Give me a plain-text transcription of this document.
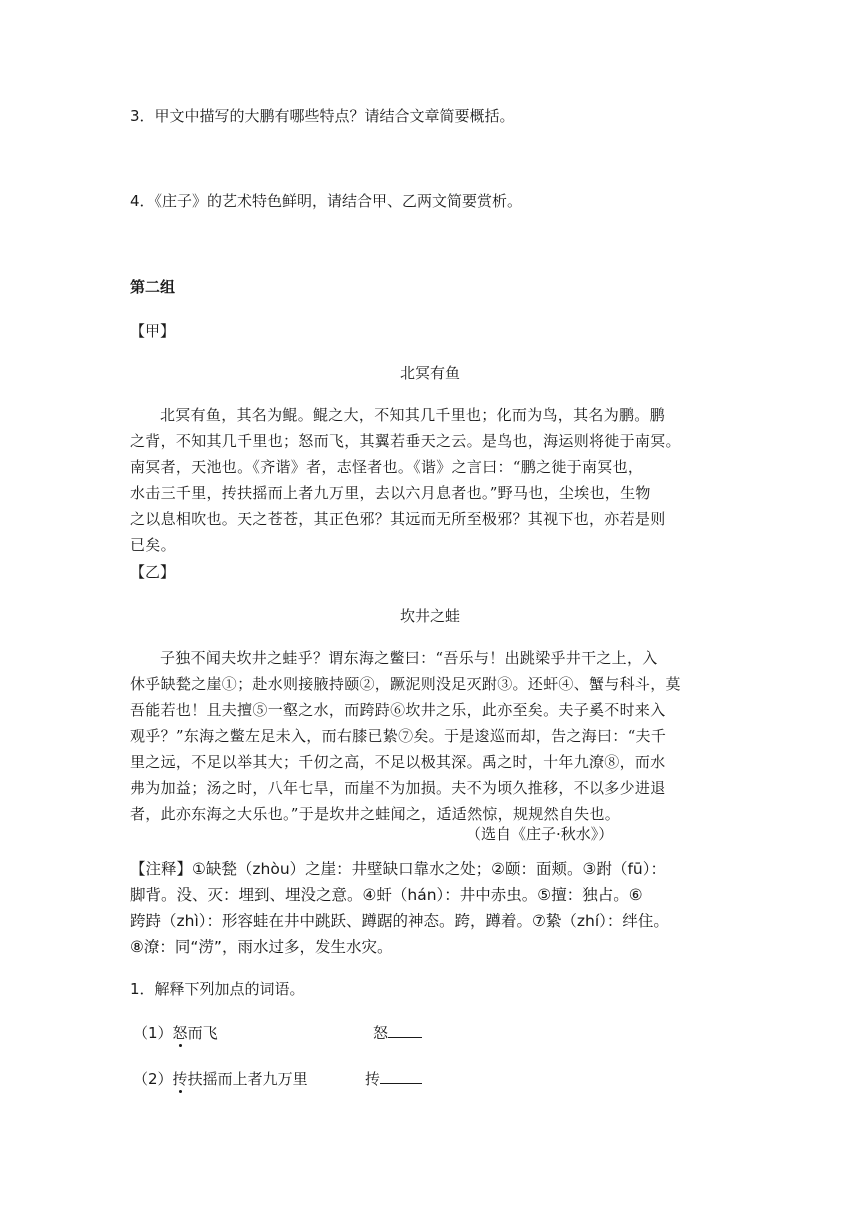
3．甲文中描写的大鹏有哪些特点？请结合文章简要概括。
4．《庄子》的艺术特色鲜明，请结合甲、乙两文简要赏析。
第二组
【甲】
北冥有鱼
北冥有鱼，其名为鲲。鲲之大，不知其几千里也；化而为鸟，其名为鹏。鹏
之背，不知其几千里也；怒而飞，其翼若垂天之云。是鸟也，海运则将徙于南冥。
南冥者，天池也。《齐谐》者，志怪者也。《谐》之言曰：“鹏之徙于南冥也，
水击三千里，抟扶摇而上者九万里，去以六月息者也。”野马也，尘埃也，生物
之以息相吹也。天之苍苍，其正色邪？其远而无所至极邪？其视下也，亦若是则
已矣。
【乙】
坎井之蛙
子独不闻夫坎井之蛙乎？谓东海之鳖曰：“吾乐与！出跳梁乎井干之上，入
休乎缺甃之崖①；赴水则接腋持颐②，蹶泥则没足灭跗③。还虷④、蟹与科斗，莫
吾能若也！且夫擅⑤一壑之水，而跨跱⑥坎井之乐，此亦至矣。夫子奚不时来入
观乎？”东海之鳖左足未入，而右膝已絷⑦矣。于是逡巡而却，告之海曰：“夫千
里之远，不足以举其大；千仞之高，不足以极其深。禹之时，十年九潦⑧，而水
弗为加益；汤之时，八年七旱，而崖不为加损。夫不为顷久推移，不以多少进退
者，此亦东海之大乐也。”于是坎井之蛙闻之，适适然惊，规规然自失也。
（选自《庄子·秋水》）
【注释】①缺甃（zhòu）之崖：井壁缺口靠水之处；②颐：面颊。③跗（fū）：
脚背。没、灭：埋到、埋没之意。④虷（hán）：井中赤虫。⑤擅：独占。⑥
跨跱（zhì）：形容蛙在井中跳跃、蹲踞的神态。跨，蹲着。⑦絷（zhí）：绊住。
⑧潦：同“涝”，雨水过多，发生水灾。
1．解释下列加点的词语。
（1）怒而飞	怒
（2）抟扶摇而上者九万里	抟
